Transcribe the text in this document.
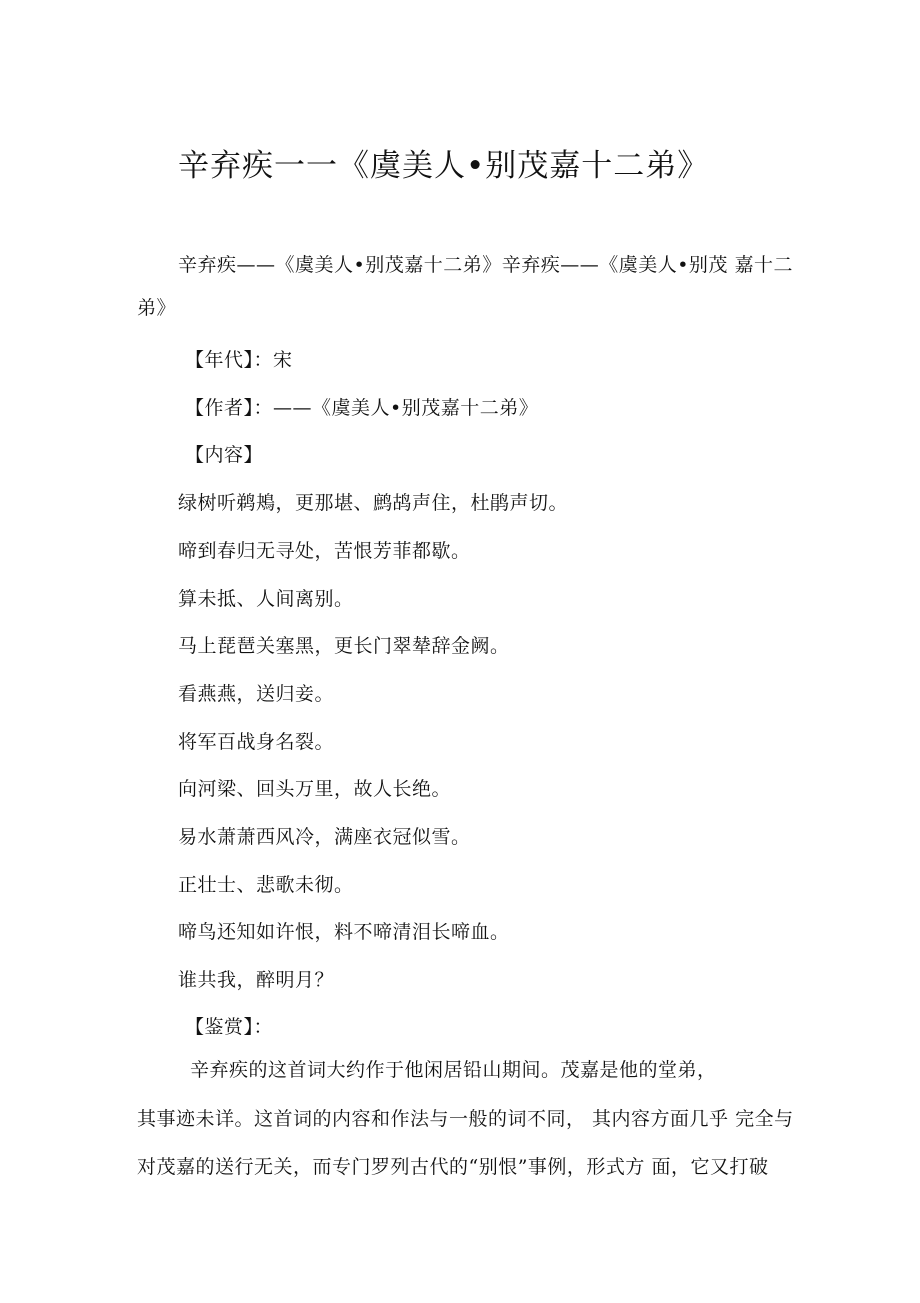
辛弃疾一一《虞美人•别茂嘉十二弟》
辛弃疾——《虞美人•别茂嘉十二弟》辛弃疾——《虞美人•别茂 嘉十二
弟》
【年代】：宋
【作者】：——《虞美人•别茂嘉十二弟》
【内容】
绿树听鹈鴂，更那堪、鹧鸪声住，杜鹃声切。
啼到春归无寻处，苦恨芳菲都歇。
算未抵、人间离别。
马上琵琶关塞黑，更长门翠辇辞金阙。
看燕燕，送归妾。
将军百战身名裂。
向河梁、回头万里，故人长绝。
易水萧萧西风冷，满座衣冠似雪。
正壮士、悲歌未彻。
啼鸟还知如许恨，料不啼清泪长啼血。
谁共我，醉明月？
【鉴赏】：
辛弃疾的这首词大约作于他闲居铅山期间。茂嘉是他的堂弟，
其事迹未详。这首词的内容和作法与一般的词不同， 其内容方面几乎 完全与
对茂嘉的送行无关，而专门罗列古代的“别恨”事例，形式方 面，它又打破
